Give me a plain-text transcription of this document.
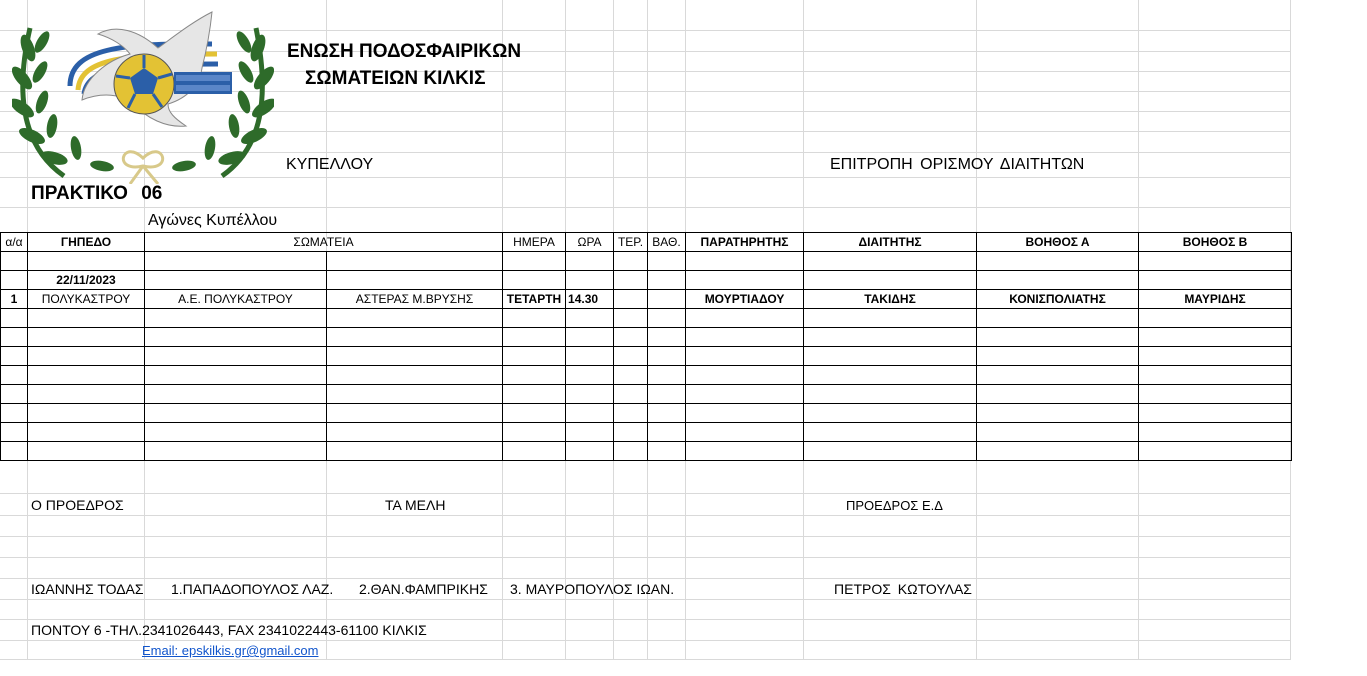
ΕΝΩΣΗ ΠΟΔΟΣΦΑΙΡΙΚΩΝ
ΣΩΜΑΤΕΙΩΝ ΚΙΛΚΙΣ
ΚΥΠΕΛΛΟΥ	ΕΠΙΤΡΟΠΗ ΟΡΙΣΜΟΥ ΔΙΑΙΤΗΤΩΝ
ΠΡΑΚΤΙΚΟ 06
Αγώνες Κυπέλλου
α/α	ΓΗΠΕΔΟ	ΣΩΜΑΤΕΙΑ		ΗΜΕΡΑ	ΩΡΑ	ΤΕΡ.	ΒΑΘ.	ΠΑΡΑΤΗΡΗΤΗΣ	ΔΙΑΙΤΗΤΗΣ	ΒΟΗΘΟΣ Α	ΒΟΗΘΟΣ Β

	22/11/2023										
1	ΠΟΛΥΚΑΣΤΡΟΥ	Α.Ε. ΠΟΛΥΚΑΣΤΡΟΥ	ΑΣΤΕΡΑΣ Μ.ΒΡΥΣΗΣ	ΤΕΤΑΡΤΗ	14.30			ΜΟΥΡΤΙΑΔΟΥ	ΤΑΚΙΔΗΣ	ΚΟΝΙΣΠΟΛΙΑΤΗΣ	ΜΑΥΡΙΔΗΣ

Ο ΠΡΟΕΔΡΟΣ	ΤΑ ΜΕΛΗ	ΠΡΟΕΔΡΟΣ Ε.Δ
ΙΩΑΝΝΗΣ ΤΟΔΑΣ 1.ΠΑΠΑΔΟΠΟΥΛΟΣ ΛΑΖ. 2.ΘΑΝ.ΦΑΜΠΡΙΚΗΣ 3. ΜΑΥΡΟΠΟΥΛΟΣ ΙΩΑΝ.	ΠΕΤΡΟΣ ΚΩΤΟΥΛΑΣ
ΠΟΝΤΟΥ 6 -ΤΗΛ.2341026443, FAX 2341022443-61100 ΚΙΛΚΙΣ
Email: epskilkis.gr@gmail.com
